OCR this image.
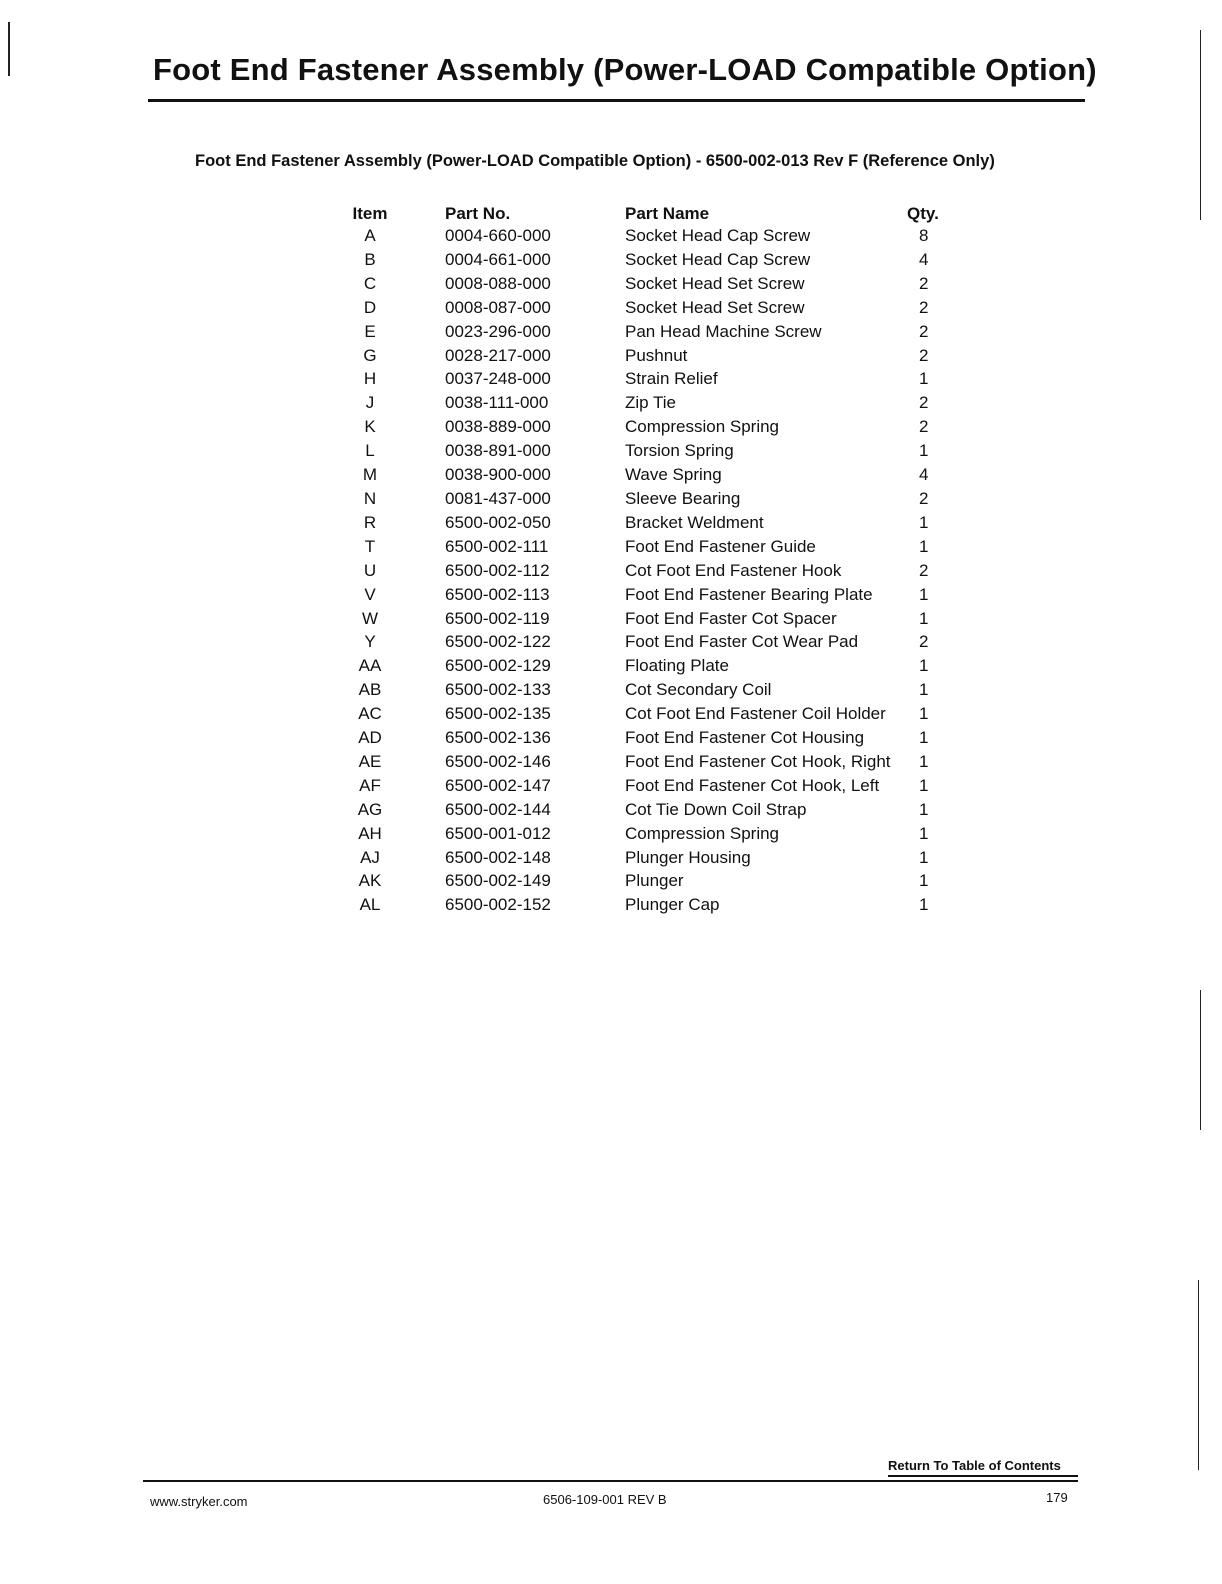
Foot End Fastener Assembly (Power-LOAD Compatible Option)
Foot End Fastener Assembly (Power-LOAD Compatible Option) - 6500-002-013 Rev F (Reference Only)
Item	Part No.	Part Name	Qty.
A	0004-660-000	Socket Head Cap Screw	8
B	0004-661-000	Socket Head Cap Screw	4
C	0008-088-000	Socket Head Set Screw	2
D	0008-087-000	Socket Head Set Screw	2
E	0023-296-000	Pan Head Machine Screw	2
G	0028-217-000	Pushnut	2
H	0037-248-000	Strain Relief	1
J	0038-111-000	Zip Tie	2
K	0038-889-000	Compression Spring	2
L	0038-891-000	Torsion Spring	1
M	0038-900-000	Wave Spring	4
N	0081-437-000	Sleeve Bearing	2
R	6500-002-050	Bracket Weldment	1
T	6500-002-111	Foot End Fastener Guide	1
U	6500-002-112	Cot Foot End Fastener Hook	2
V	6500-002-113	Foot End Fastener Bearing Plate	1
W	6500-002-119	Foot End Faster Cot Spacer	1
Y	6500-002-122	Foot End Faster Cot Wear Pad	2
AA	6500-002-129	Floating Plate	1
AB	6500-002-133	Cot Secondary Coil	1
AC	6500-002-135	Cot Foot End Fastener Coil Holder	1
AD	6500-002-136	Foot End Fastener Cot Housing	1
AE	6500-002-146	Foot End Fastener Cot Hook, Right	1
AF	6500-002-147	Foot End Fastener Cot Hook, Left	1
AG	6500-002-144	Cot Tie Down Coil Strap	1
AH	6500-001-012	Compression Spring	1
AJ	6500-002-148	Plunger Housing	1
AK	6500-002-149	Plunger	1
AL	6500-002-152	Plunger Cap	1
Return To Table of Contents
www.stryker.com	6506-109-001 REV B	179
